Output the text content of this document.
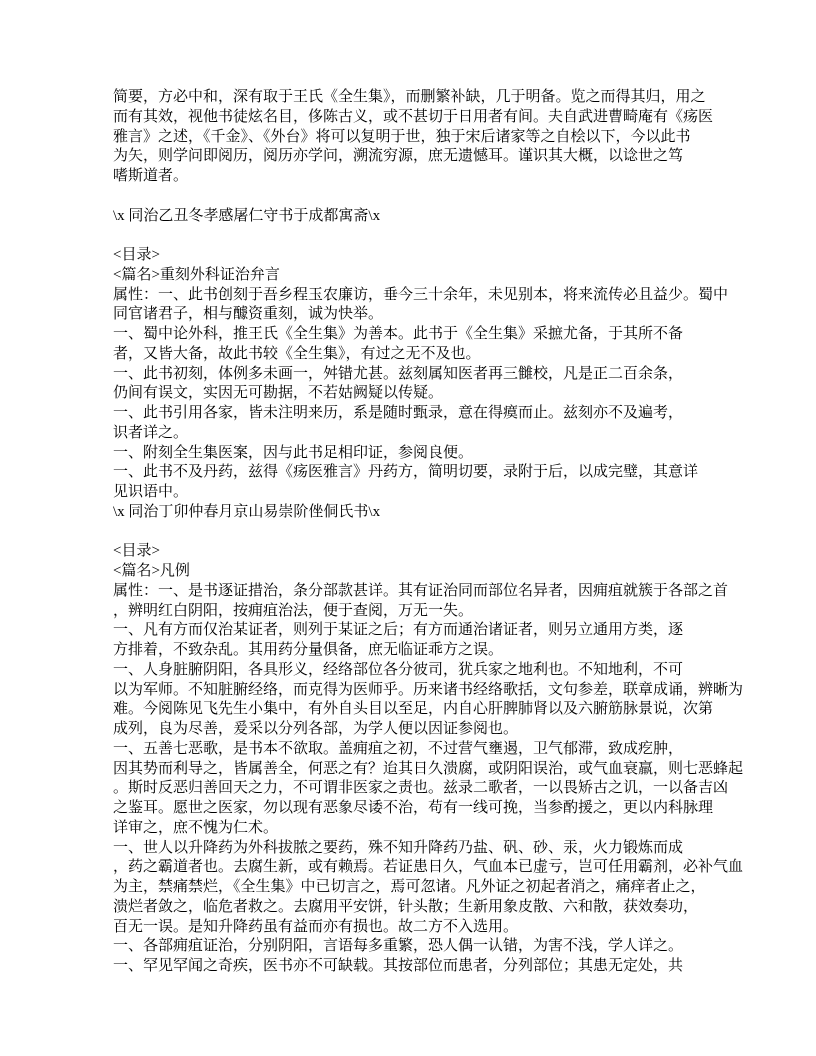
简要，方必中和，深有取于王氏《全生集》，而删繁补缺，几于明备。览之而得其归，用之
而有其效，视他书徒炫名目，侈陈古义，或不甚切于日用者有间。夫自武进曹畸庵有《疡医
雅言》之述，《千金》、《外台》将可以复明于世，独于宋后诸家等之自桧以下，今以此书
为矢，则学问即阅历，阅历亦学问，溯流穷源，庶无遗憾耳。谨识其大概，以谂世之笃
嗜斯道者。

\x 同治乙丑冬孝感屠仁守书于成都寓斋\x

<目录>
<篇名>重刻外科证治弁言
属性：一、此书创刻于吾乡程玉农廉访，垂今三十余年，未见别本，将来流传必且益少。蜀中
同官诸君子，相与醵资重刻，诚为快举。
一、蜀中论外科，推王氏《全生集》为善本。此书于《全生集》采摭尤备，于其所不备
者，又皆大备，故此书较《全生集》，有过之无不及也。
一、此书初刻，体例多未画一，舛错尤甚。兹刻属知医者再三雠校，凡是正二百余条，
仍间有误文，实因无可勘据，不若姑阙疑以传疑。
一、此书引用各家，皆未注明来历，系是随时甄录，意在得瘼而止。兹刻亦不及遍考，
识者详之。
一、附刻全生集医案，因与此书足相印证，参阅良便。
一、此书不及丹药，兹得《疡医雅言》丹药方，简明切要，录附于后，以成完璧，其意详
见识语中。
\x 同治丁卯仲春月京山易崇阶侳侗氏书\x

<目录>
<篇名>凡例
属性：一、是书逐证措治，条分部款甚详。其有证治同而部位名异者，因痈疽就簇于各部之首
，辨明红白阴阳，按痈疽治法，便于查阅，万无一失。
一、凡有方而仅治某证者，则列于某证之后；有方而通治诸证者，则另立通用方类，逐
方排着，不致杂乱。其用药分量俱备，庶无临证乖方之误。
一、人身脏腑阴阳，各具形义，经络部位各分彼司，犹兵家之地利也。不知地利，不可
以为军师。不知脏腑经络，而克得为医师乎。历来诸书经络歌括，文句参差，联章成诵，辨晰为
难。今阅陈见飞先生小集中，有外自头目以至足，内自心肝脾肺肾以及六腑筋脉景说，次第
成列，良为尽善，爰采以分列各部，为学人便以因证参阅也。
一、五善七恶歌，是书本不欲取。盖痈疽之初，不过营气壅遏，卫气郁滞，致成疙肿，
因其势而利导之，皆属善全，何恶之有？迨其日久溃腐，或阴阳误治，或气血衰羸，则七恶蜂起
。斯时反恶归善回天之力，不可谓非医家之责也。兹录二歌者，一以畏矫古之讥，一以备吉凶
之鉴耳。愿世之医家，勿以现有恶象尽诿不治，苟有一线可挽，当参酌援之，更以内科脉理
详审之，庶不愧为仁术。
一、世人以升降药为外科拔脓之要药，殊不知升降药乃盐、矾、砂、汞，火力锻炼而成
，药之霸道者也。去腐生新，或有赖焉。若证患日久，气血本已虚亏，岂可任用霸剂，必补气血
为主，禁痛禁烂，《全生集》中已切言之，焉可忽诸。凡外证之初起者消之，痛痒者止之，
溃烂者敛之，临危者救之。去腐用平安饼，针头散；生新用象皮散、六和散，获效奏功，
百无一误。是知升降药虽有益而亦有损也。故二方不入选用。
一、各部痈疽证治，分别阴阳，言语每多重繁，恐人偶一认错，为害不浅，学人详之。
一、罕见罕闻之奇疾，医书亦不可缺载。其按部位而患者，分列部位；其患无定处，共
